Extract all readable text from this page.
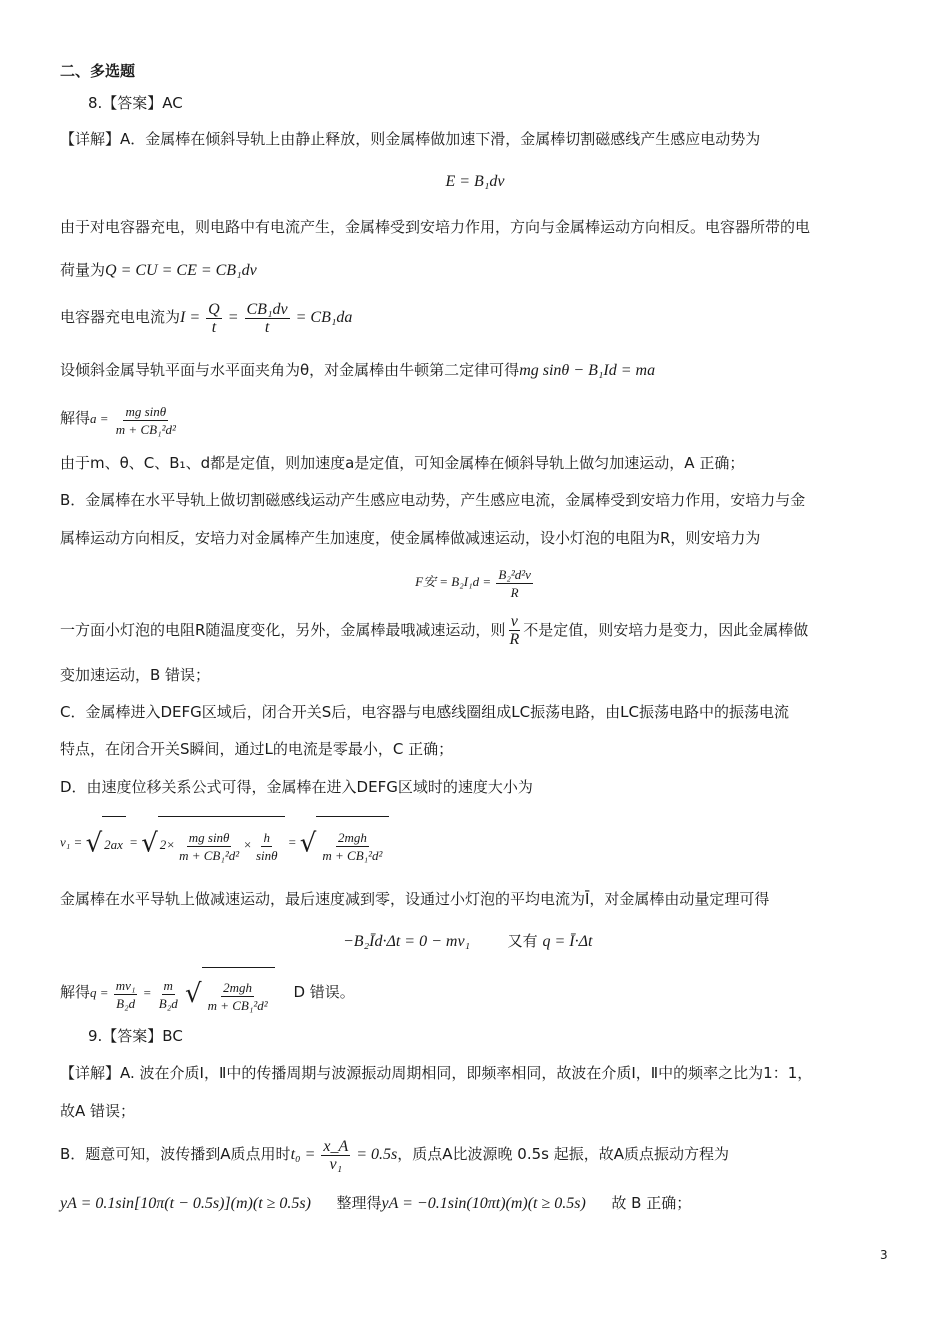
二、多选题
8.【答案】AC
【详解】A．金属棒在倾斜导轨上由静止释放，则金属棒做加速下滑，金属棒切割磁感线产生感应电动势为
E = B₁dv
由于对电容器充电，则电路中有电流产生，金属棒受到安培力作用，方向与金属棒运动方向相反。电容器所带的电
荷量为Q = CU = CE = CB₁dv
电容器充电电流为$I = \frac{Q}{t} = \frac{\text{CB₁dv}}{t} = CB_1da$
设倾斜金属导轨平面与水平面夹角为θ，对金属棒由牛顿第二定律可得mg sinθ − B₁Id = ma
解得$a = \frac{\text{mg sinθ}}{\text{m + CB₁²d²}}$
由于m、θ、C、B₁、d都是定值，则加速度a是定值，可知金属棒在倾斜导轨上做匀加速运动，A 正确；
B．金属棒在水平导轨上做切割磁感线运动产生感应电动势，产生感应电流，金属棒受到安培力作用，安培力与金
属棒运动方向相反，安培力对金属棒产生加速度，使金属棒做减速运动，设小灯泡的电阻为R，则安培力为
F安 = $B_2I_1d = \frac{\text{B₂²d²v}}{R}$
一方面小灯泡的电阻R随温度变化，另外，金属棒最哦减速运动，则 $\frac{v}{R}$ 不是定值，则安培力是变力，因此金属棒做
变加速运动，B 错误；
C．金属棒进入DEFG区域后，闭合开关S后，电容器与电感线圈组成LC振荡电路，由LC振荡电路中的振荡电流
特点，在闭合开关S瞬间，通过L的电流是零最小，C 正确；
D．由速度位移关系公式可得，金属棒在进入DEFG区域时的速度大小为
v₁ = √ 2ax = √ $2\times \frac{\text{mg sinθ}}{\text{m + CB₁²d²}} \times \frac{h}{\sin\theta}$ = √ $\frac{\text{2mgh}}{\text{m + CB₁²d²}}$
金属棒在水平导轨上做减速运动，最后速度减到零，设通过小灯泡的平均电流为Ī，对金属棒由动量定理可得
−B₂Īd·Δt = 0 − mv₁	又有 q = Ī·Δt
解得$q = \frac{\text{mv₁}}{\text{B₂d}} = \frac{m}{\text{B₂d}}$ √ $\frac{\text{2mgh}}{\text{m + CB₁²d²}}$ D 错误。
9.【答案】BC
【详解】A. 波在介质Ⅰ，Ⅱ中的传播周期与波源振动周期相同，即频率相同，故波在介质Ⅰ，Ⅱ中的频率之比为1：1，
故A 错误；
B．题意可知，波传播到A质点用时$t_0 = \frac{x\_A}{\text{v₁}} = 0.5s$，质点A比波源晚 0.5s 起振，故A质点振动方程为
yA = 0.1sin[10π(t − 0.5s)](m)(t ≥ 0.5s) 整理得yA = −0.1sin(10πt)(m)(t ≥ 0.5s) 故 B 正确；
3
